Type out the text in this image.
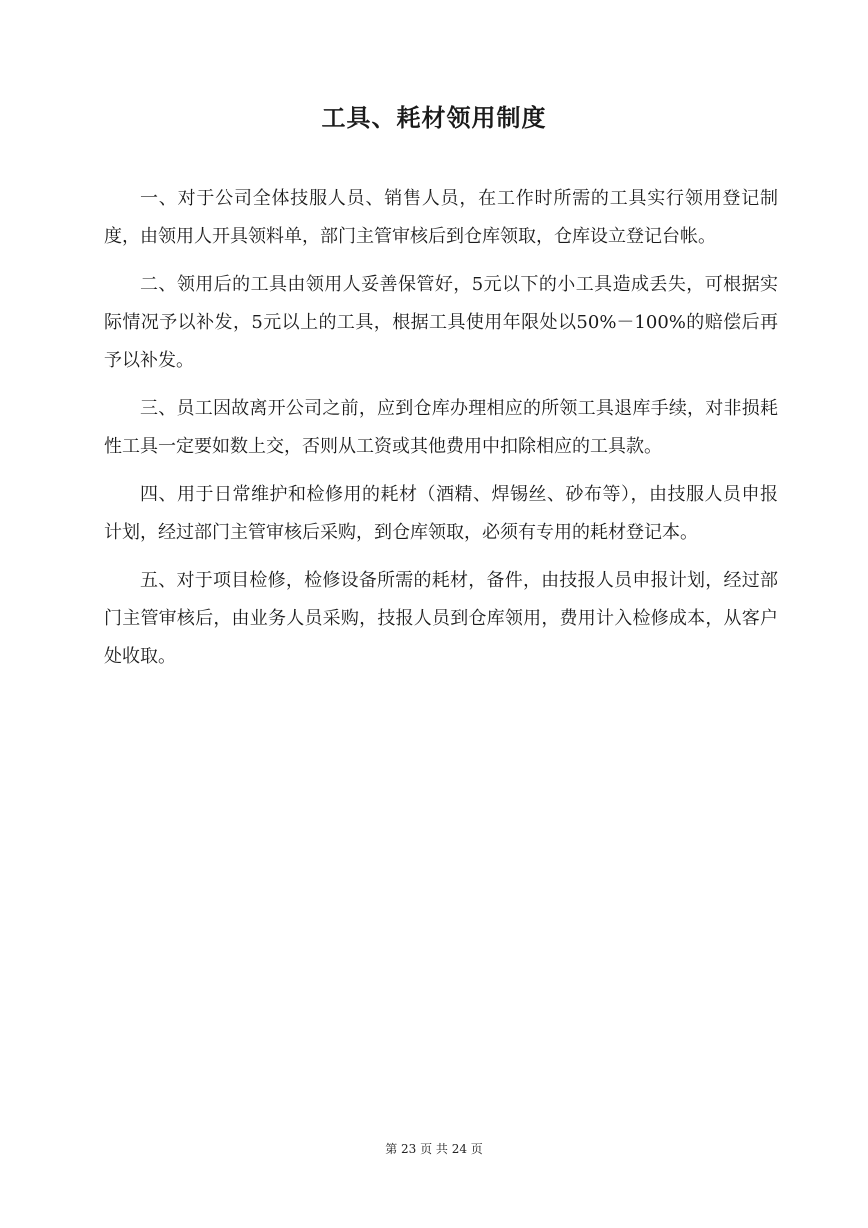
工具、耗材领用制度

一、对于公司全体技服人员、销售人员，在工作时所需的工具实行领用登记制度，由领用人开具领料单，部门主管审核后到仓库领取，仓库设立登记台帐。

二、领用后的工具由领用人妥善保管好，5元以下的小工具造成丢失，可根据实际情况予以补发，5元以上的工具，根据工具使用年限处以50%－100%的赔偿后再予以补发。

三、员工因故离开公司之前，应到仓库办理相应的所领工具退库手续，对非损耗性工具一定要如数上交，否则从工资或其他费用中扣除相应的工具款。

四、用于日常维护和检修用的耗材（酒精、焊锡丝、砂布等），由技服人员申报计划，经过部门主管审核后采购，到仓库领取，必须有专用的耗材登记本。

五、对于项目检修，检修设备所需的耗材，备件，由技报人员申报计划，经过部门主管审核后，由业务人员采购，技报人员到仓库领用，费用计入检修成本，从客户处收取。

第 23 页 共 24 页
